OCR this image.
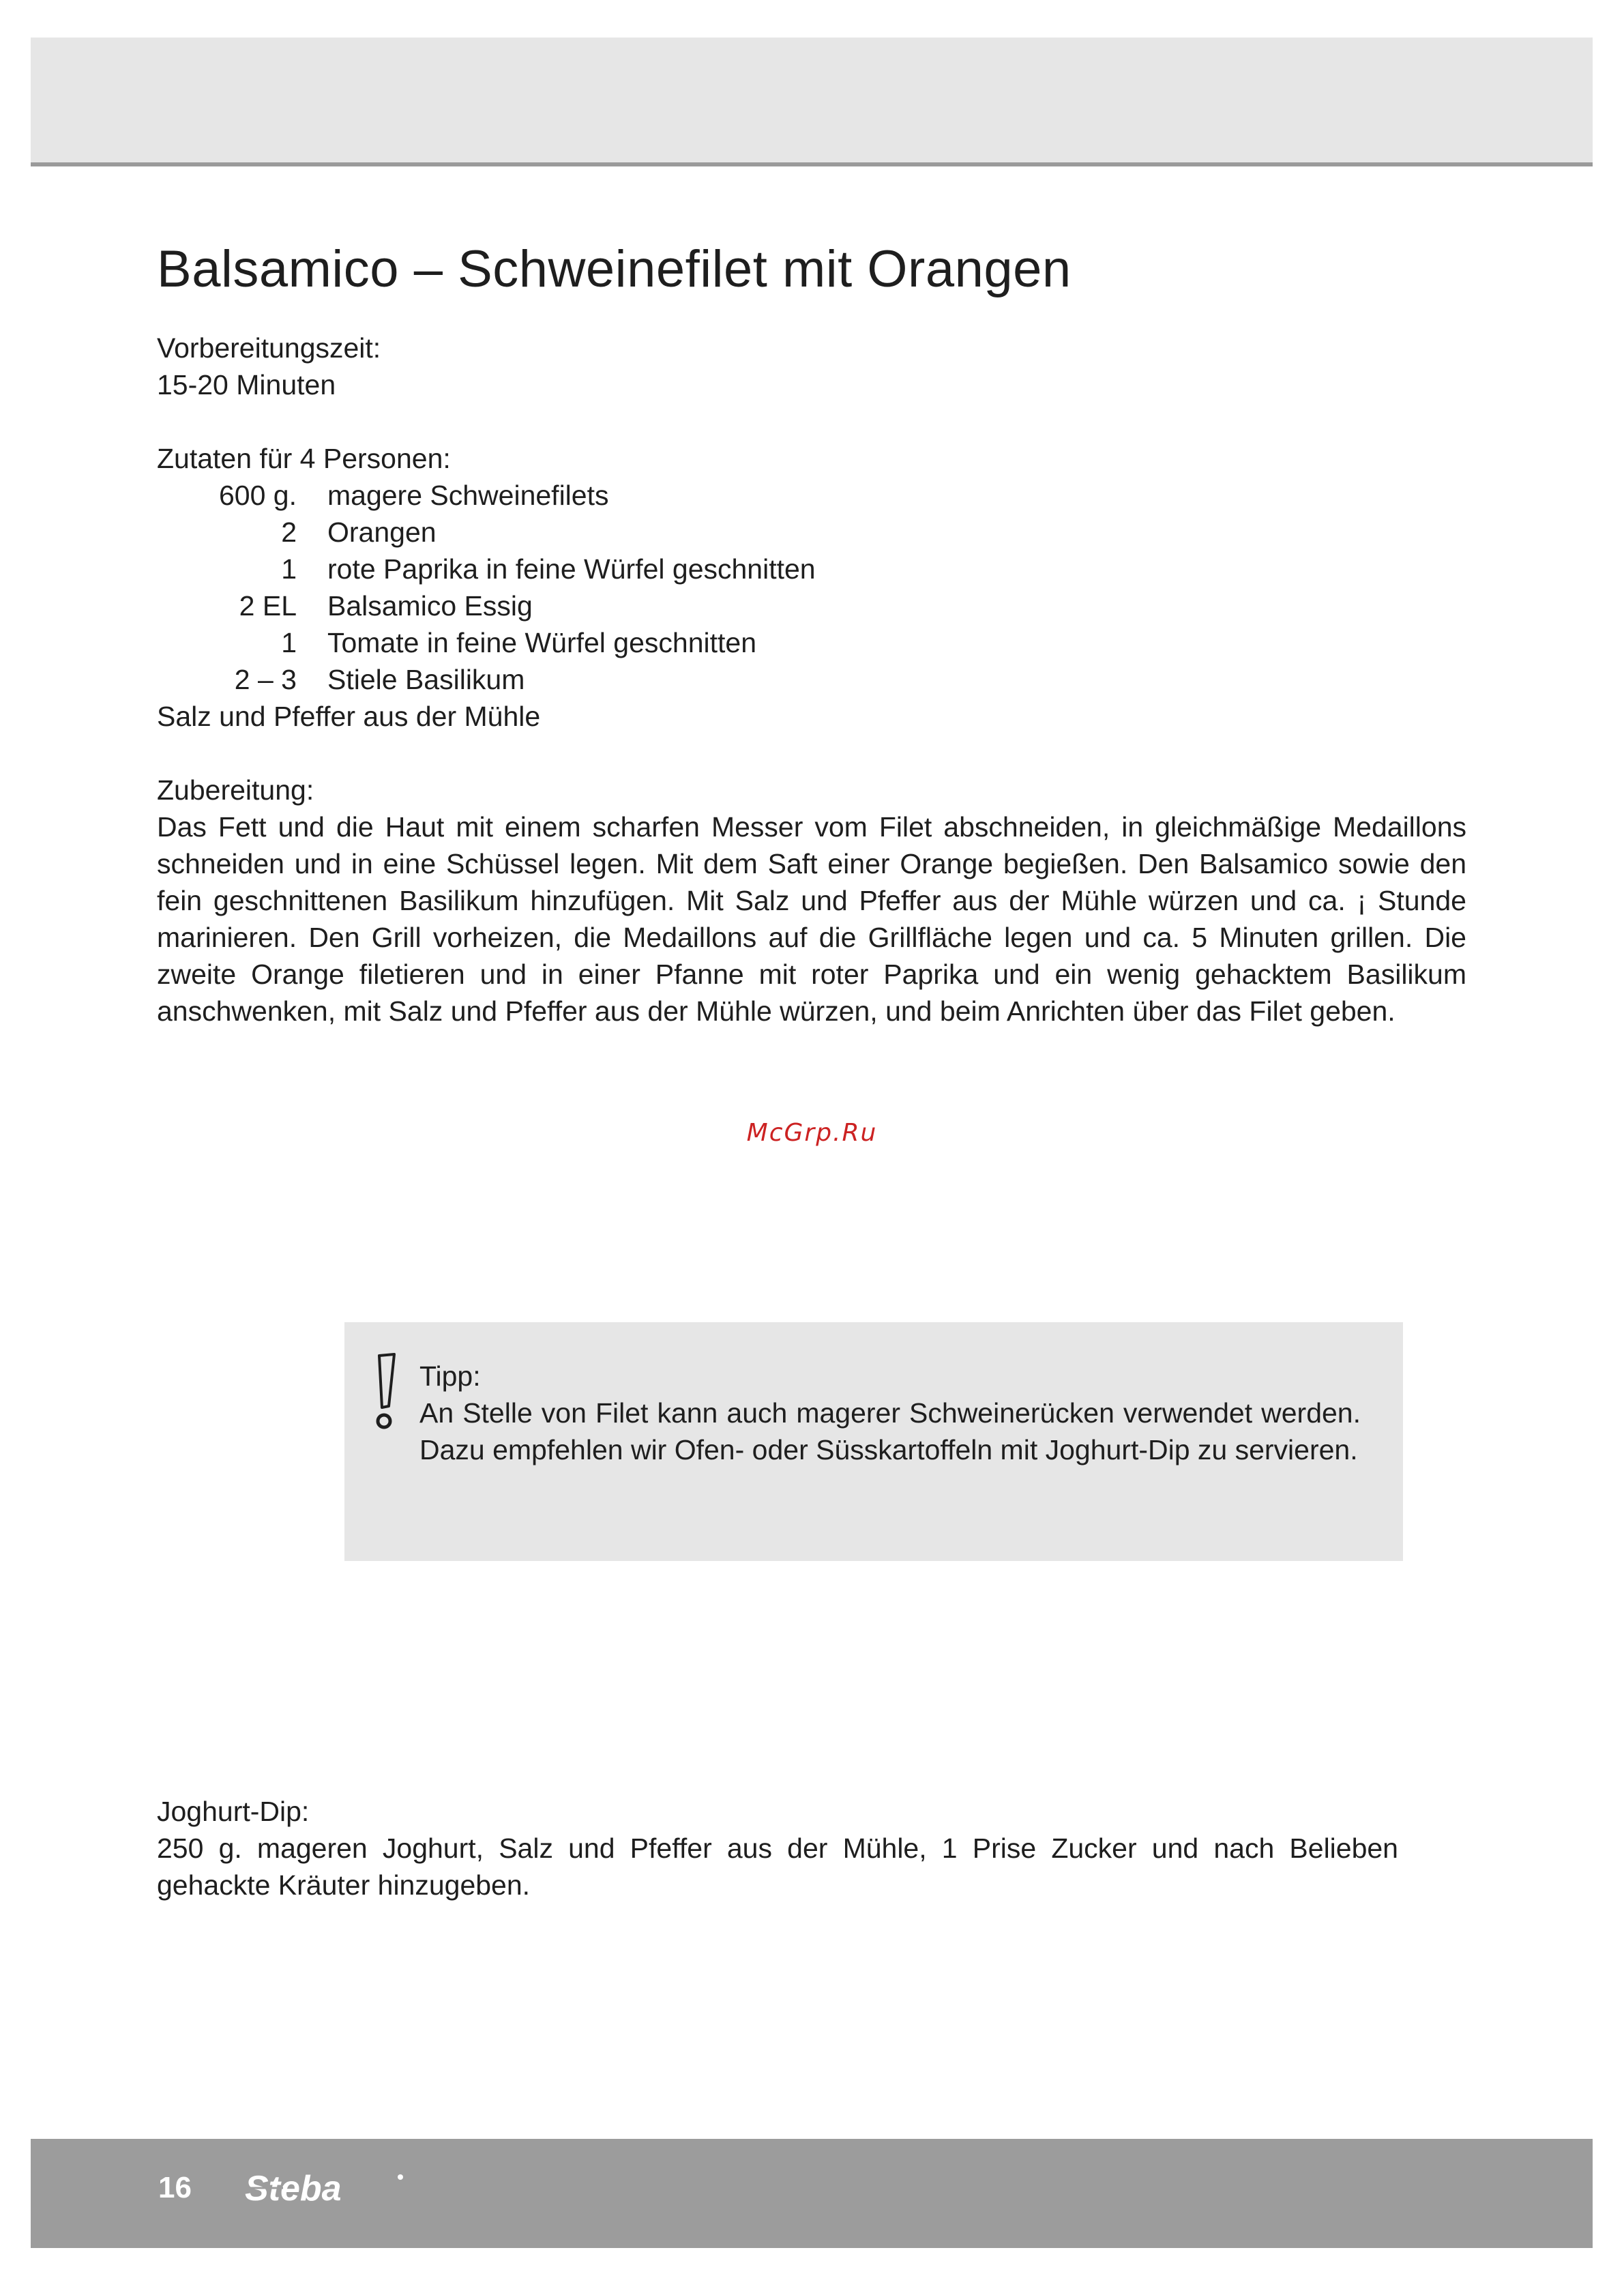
Balsamico – Schweinefilet mit Orangen

Vorbereitungszeit:

15-20 Minuten

Zutaten für 4 Personen:

600 g.	magere Schweinefilets
2	Orangen
1	rote Paprika in feine Würfel geschnitten
2 EL	Balsamico Essig
1	Tomate in feine Würfel geschnitten
2 – 3	Stiele Basilikum

Salz und Pfeffer aus der Mühle

Zubereitung:

Das Fett und die Haut mit einem scharfen Messer vom Filet abschneiden, in gleichmäßige Medaillons schneiden und in eine Schüssel legen. Mit dem Saft einer Orange begießen. Den Balsamico sowie den fein geschnittenen Basilikum hinzufügen. Mit Salz und Pfeffer aus der Mühle würzen und ca. ¡ Stunde marinieren. Den Grill vorheizen, die Medaillons auf die Grillfläche legen und ca. 5 Minuten grillen. Die zweite Orange filetieren und in einer Pfanne mit roter Paprika und ein wenig gehacktem Basilikum anschwenken, mit Salz und Pfeffer aus der Mühle würzen, und beim Anrichten über das Filet geben.

McGrp.Ru

Tipp:

An Stelle von Filet kann auch magerer Schweinerücken verwendet werden. Dazu empfehlen wir Ofen- oder Süsskartoffeln mit Joghurt-Dip zu servieren.

Joghurt-Dip:

250 g. mageren Joghurt, Salz und Pfeffer aus der Mühle, 1 Prise Zucker und nach Belieben gehackte Kräuter hinzugeben.

16 Steba
